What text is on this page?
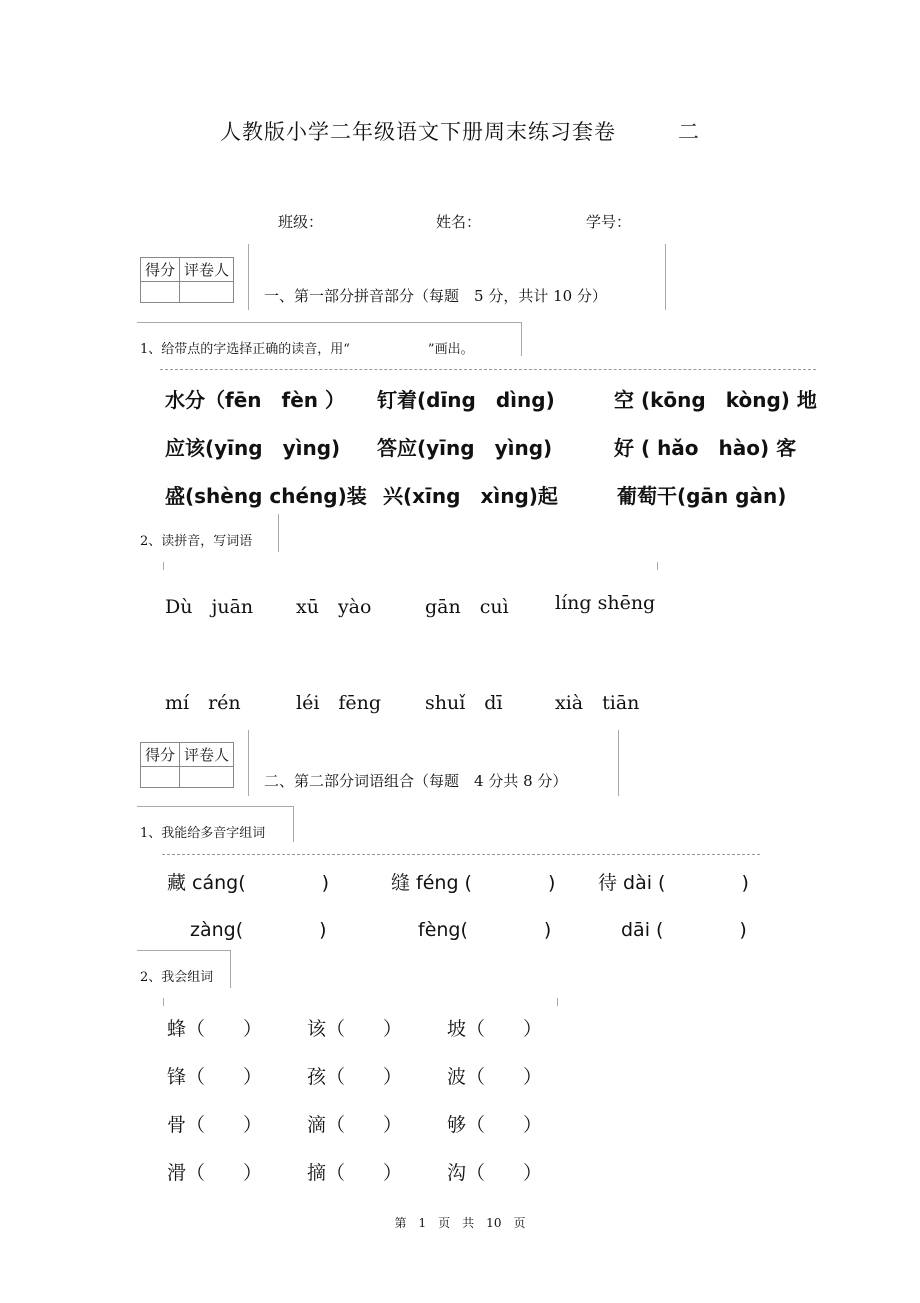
人教版小学二年级语文下册周末练习套卷	二
班级：	姓名：	学号：
得分	评卷人

一、第一部分拼音部分（每题　5 分，共计 10 分）
1、给带点的字选择正确的读音，用“　　　　　　”画出。
水分（fēn　fèn ） 钉着(dīng　dìng)	空 (kōng　kòng) 地
应该(yīng　yìng) 答应(yīng　yìng)	好 ( hǎo　hào) 客
盛(shèng chéng)装 兴(xīng　xìng)起	葡萄干(gān gàn)
2、读拼音，写词语
Dù　juān xū　yào	gān　cuì líng shēng
mí　rén	léi　fēng shuǐ　dī	xià　tiān
得分	评卷人

二、第二部分词语组合（每题　4 分共 8 分）
1、我能给多音字组词
藏 cáng(　　　　)	缝 féng (　　　　) 待 dài (　　　　)
zàng(　　　　)	fèng(　　　　)	dāi (　　　　)
2、我会组词
蜂（　　） 该（　　） 坡（　　）
锋（　　） 孩（　　） 波（　　）
骨（　　） 滴（　　） 够（　　）
滑（　　） 摘（　　） 沟（　　）
第　1　页　共　10　页
